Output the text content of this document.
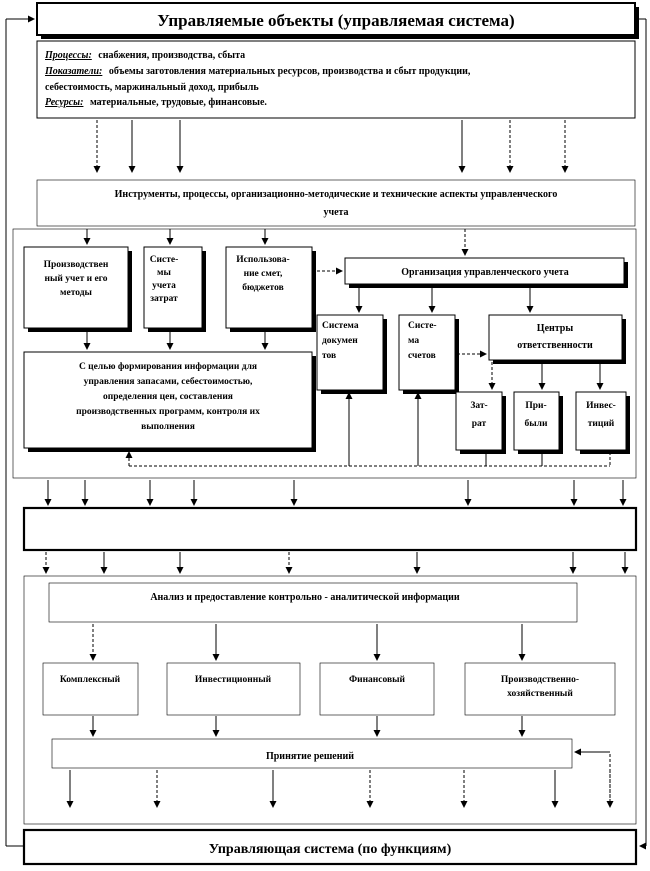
Управляемые объекты (управляемая система)
Процессы: снабжения, производства, сбыта
Показатели: объемы заготовления материальных ресурсов, производства и сбыт продукции,
себестоимость, маржинальный доход, прибыль
Ресурсы: материальные, трудовые, финансовые.
Инструменты, процессы, организационно-методические и технические аспекты управленческого
учета
Производствен
ный учет и его
методы
Систе-
мы
учета
затрат
Использова-
ние смет,
бюджетов
Организация управленческого учета
С целью формирования информации для
управления запасами, себестоимостью,
определения цен, составления
производственных программ, контроля их
выполнения
Система
докумен
тов
Систе-
ма
счетов
Центры
ответственности
Зат-
рат
При-
были
Инвес-
тиций
Анализ и предоставление контрольно - аналитической информации
Комплексный	Инвестиционный	Финансовый	Производственно-
хозяйственный
Принятие решений
Управляющая система (по функциям)
